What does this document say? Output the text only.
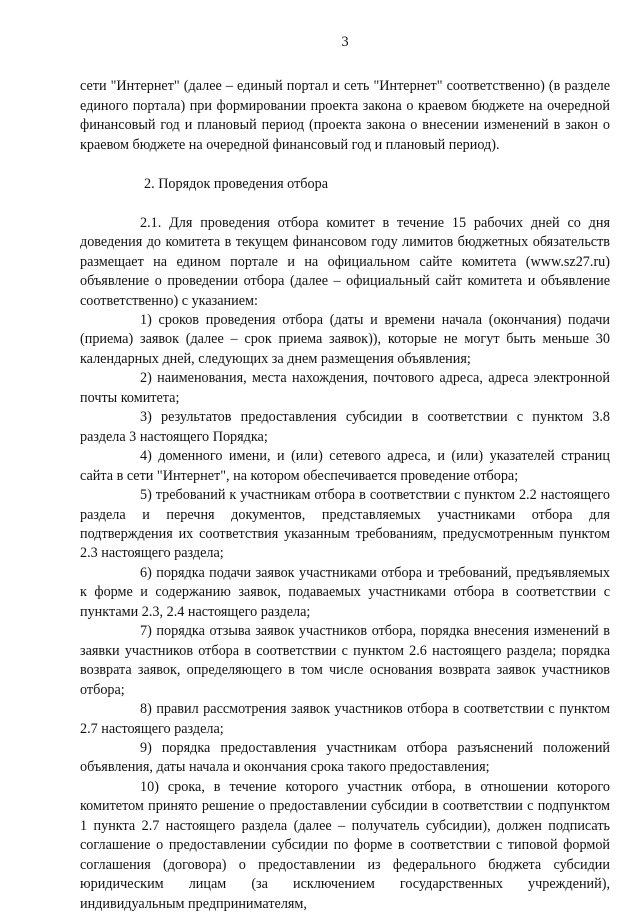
3

сети "Интернет" (далее – единый портал и сеть "Интернет" соответственно) (в разделе единого портала) при формировании проекта закона о краевом бюджете на очередной финансовый год и плановый период (проекта закона о внесении изменений в закон о краевом бюджете на очередной финансовый год и плановый период).

2. Порядок проведения отбора

2.1. Для проведения отбора комитет в течение 15 рабочих дней со дня доведения до комитета в текущем финансовом году лимитов бюджетных обязательств размещает на едином портале и на официальном сайте комитета (www.sz27.ru) объявление о проведении отбора (далее – официальный сайт комитета и объявление соответственно) с указанием:

1) сроков проведения отбора (даты и времени начала (окончания) подачи (приема) заявок (далее – срок приема заявок)), которые не могут быть меньше 30 календарных дней, следующих за днем размещения объявления;

2) наименования, места нахождения, почтового адреса, адреса электронной почты комитета;

3) результатов предоставления субсидии в соответствии с пунктом 3.8 раздела 3 настоящего Порядка;

4) доменного имени, и (или) сетевого адреса, и (или) указателей страниц сайта в сети "Интернет", на котором обеспечивается проведение отбора;

5) требований к участникам отбора в соответствии с пунктом 2.2 настоящего раздела и перечня документов, представляемых участниками отбора для подтверждения их соответствия указанным требованиям, предусмотренным пунктом 2.3 настоящего раздела;

6) порядка подачи заявок участниками отбора и требований, предъявляемых к форме и содержанию заявок, подаваемых участниками отбора в соответствии с пунктами 2.3, 2.4 настоящего раздела;

7) порядка отзыва заявок участников отбора, порядка внесения изменений в заявки участников отбора в соответствии с пунктом 2.6 настоящего раздела; порядка возврата заявок, определяющего в том числе основания возврата заявок участников отбора;

8) правил рассмотрения заявок участников отбора в соответствии с пунктом 2.7 настоящего раздела;

9) порядка предоставления участникам отбора разъяснений положений объявления, даты начала и окончания срока такого предоставления;

10) срока, в течение которого участник отбора, в отношении которого комитетом принято решение о предоставлении субсидии в соответствии с подпунктом 1 пункта 2.7 настоящего раздела (далее – получатель субсидии), должен подписать соглашение о предоставлении субсидии по форме в соответствии с типовой формой соглашения (договора) о предоставлении из федерального бюджета субсидии юридическим лицам (за исключением государственных учреждений), индивидуальным предпринимателям,
